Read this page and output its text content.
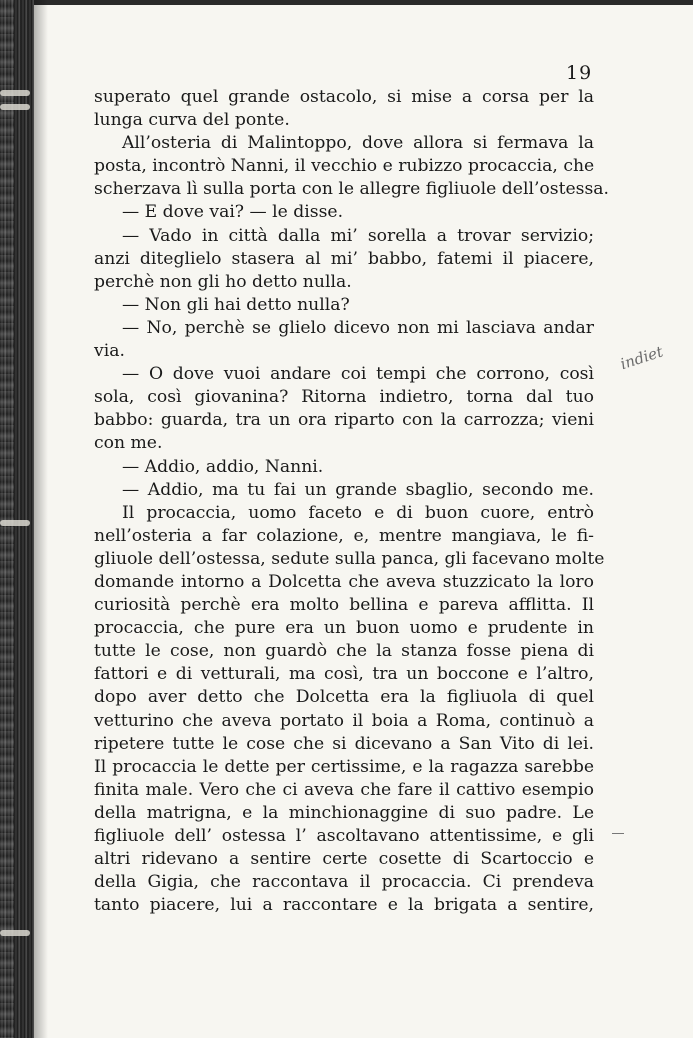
19
superato quel grande ostacolo, si mise a corsa per la
lunga curva del ponte.
All’osteria di Malintoppo, dove allora si fermava la
posta, incontrò Nanni, il vecchio e rubizzo procaccia, che
scherzava lì sulla porta con le allegre figliuole dell’ostessa.
— E dove vai? — le disse.
— Vado in città dalla mi’ sorella a trovar servizio;
anzi diteglielo stasera al mi’ babbo, fatemi il piacere,
perchè non gli ho detto nulla.
— Non gli hai detto nulla?
— No, perchè se glielo dicevo non mi lasciava andar
via.
— O dove vuoi andare coi tempi che corrono, così
sola, così giovanina? Ritorna indietro, torna dal tuo
babbo: guarda, tra un ora riparto con la carrozza; vieni
con me.
— Addio, addio, Nanni.
— Addio, ma tu fai un grande sbaglio, secondo me.
Il procaccia, uomo faceto e di buon cuore, entrò
nell’osteria a far colazione, e, mentre mangiava, le fi-
gliuole dell’ostessa, sedute sulla panca, gli facevano molte
domande intorno a Dolcetta che aveva stuzzicato la loro
curiosità perchè era molto bellina e pareva afflitta. Il
procaccia, che pure era un buon uomo e prudente in
tutte le cose, non guardò che la stanza fosse piena di
fattori e di vetturali, ma così, tra un boccone e l’altro,
dopo aver detto che Dolcetta era la figliuola di quel
vetturino che aveva portato il boia a Roma, continuò a
ripetere tutte le cose che si dicevano a San Vito di lei.
Il procaccia le dette per certissime, e la ragazza sarebbe
finita male. Vero che ci aveva che fare il cattivo esempio
della matrigna, e la minchionaggine di suo padre. Le
figliuole dell’ ostessa l’ ascoltavano attentissime, e gli
altri ridevano a sentire certe cosette di Scartoccio e
della Gigia, che raccontava il procaccia. Ci prendeva
tanto piacere, lui a raccontare e la brigata a sentire,
indiet
